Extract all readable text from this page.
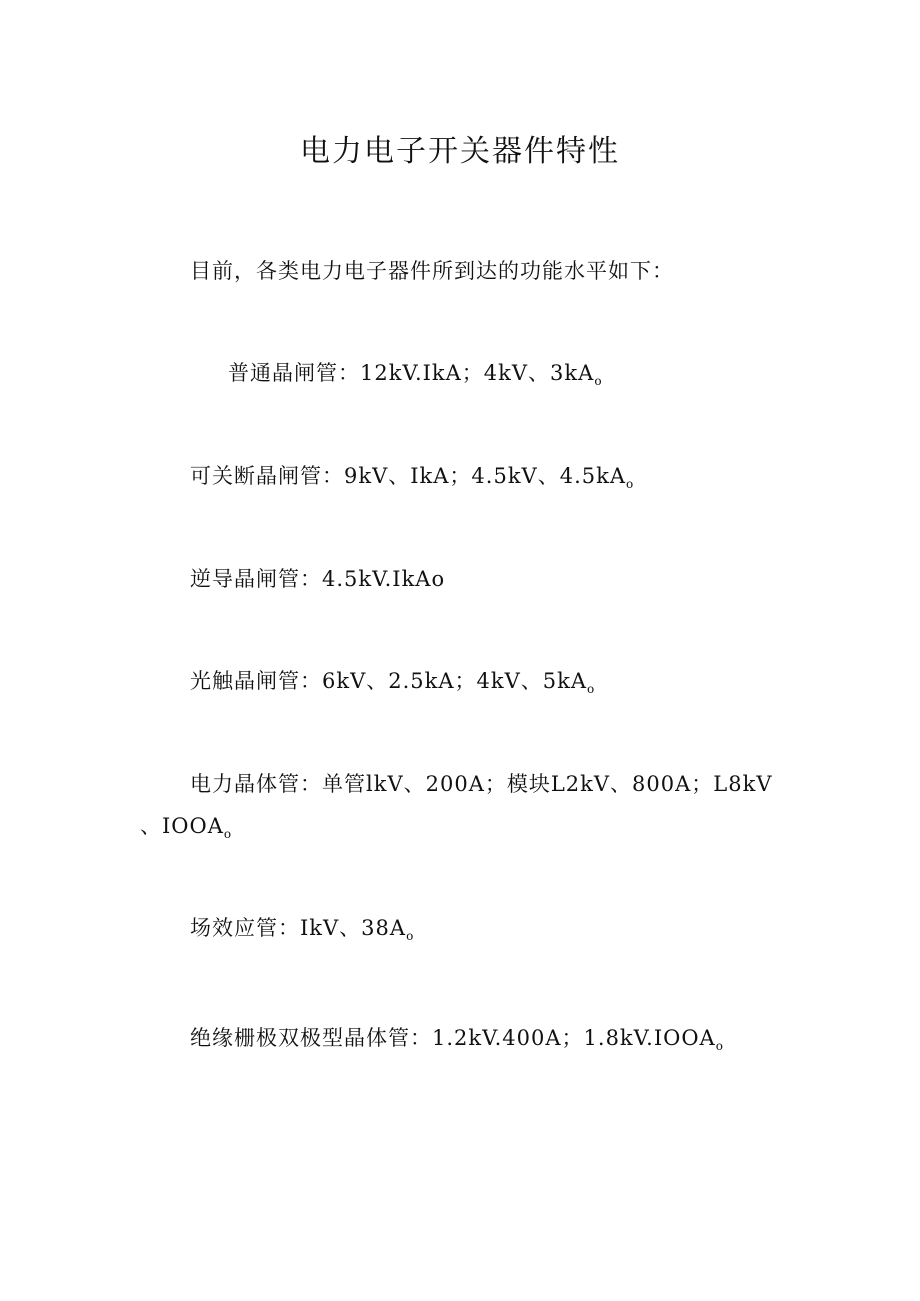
电力电子开关器件特性

目前，各类电力电子器件所到达的功能水平如下：

普通晶闸管：12kV.IkA；4kV、$3kA_o$

可关断晶闸管：9kV、IkA；4.5kV、$4.5kA_o$

逆导晶闸管：4.5kV.IkAo

光触晶闸管：6kV、2.5kA；4kV、$5kA_o$

电力晶体管：单管lkV、200A；模块L2kV、800A；L8kV

、$IOOA_o$

场效应管：IkV、$38A_o$

绝缘栅极双极型晶体管：1.2kV.400A；$1.8kV.IOOA_o$
